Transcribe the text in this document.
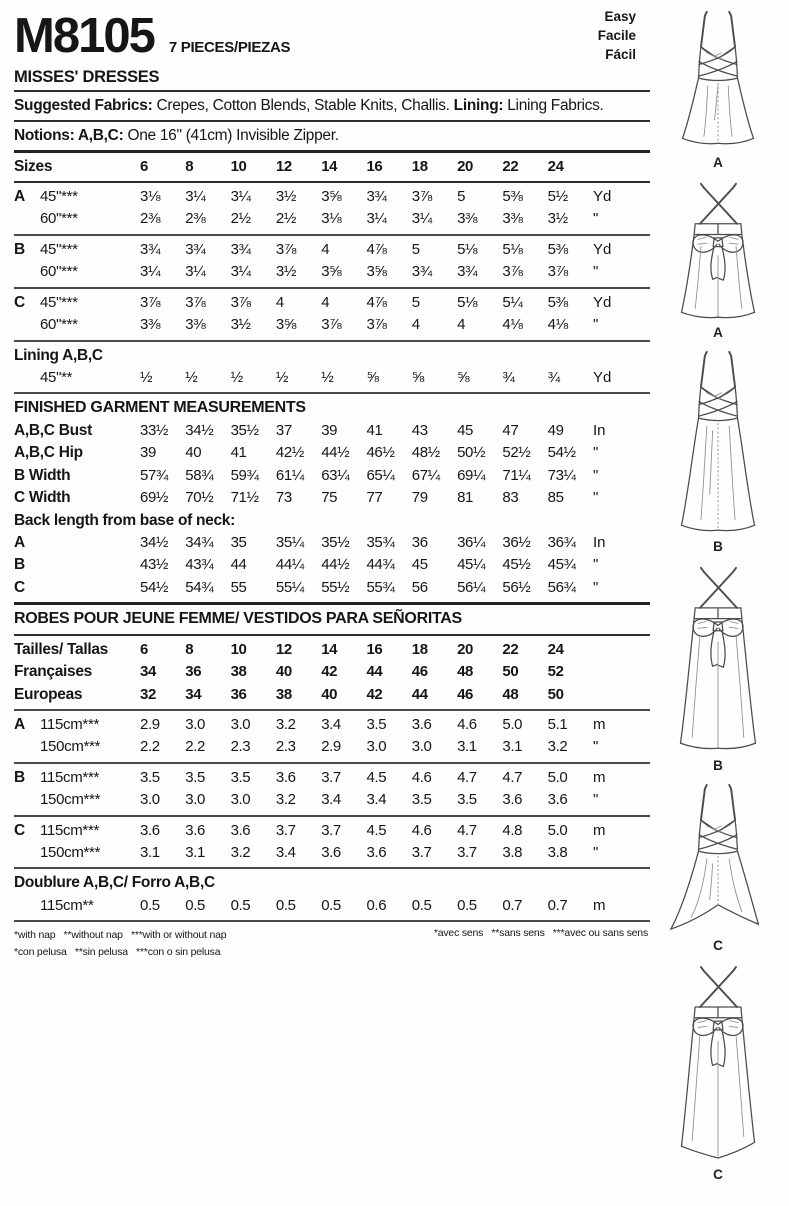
M8105 7 PIECES/PIEZAS
Easy
Facile
Fácil
MISSES' DRESSES
Suggested Fabrics: Crepes, Cotton Blends, Stable Knits, Challis. Lining: Lining Fabrics.
Notions: A,B,C: One 16" (41cm) Invisible Zipper.
Sizes	6	8	10	12	14	16	18	20	22	24
A 45"***	3⅛	3¼	3¼	3½	3⅝	3¾	3⅞	5	5⅜	5½	Yd
60"***	2⅜	2⅜	2½	2½	3⅛	3¼	3¼	3⅜	3⅜	3½	"
B 45"***	3¾	3¾	3¾	3⅞	4	4⅞	5	5⅛	5⅛	5⅜	Yd
60"***	3¼	3¼	3¼	3½	3⅝	3⅝	3¾	3¾	3⅞	3⅞	"
C 45"***	3⅞	3⅞	3⅞	4	4	4⅞	5	5⅛	5¼	5⅜	Yd
60"***	3⅜	3⅜	3½	3⅝	3⅞	3⅞	4	4	4⅛	4⅛	"
Lining A,B,C
45"**	½	½	½	½	½	⅝	⅝	⅝	¾	¾	Yd
FINISHED GARMENT MEASUREMENTS
A,B,C Bust	33½	34½	35½	37	39	41	43	45	47	49	In
A,B,C Hip	39	40	41	42½	44½	46½	48½	50½	52½	54½	"
B Width	57¾	58¾	59¾	61¼	63¼	65¼	67¼	69¼	71¼	73¼	"
C Width	69½	70½	71½	73	75	77	79	81	83	85	"
Back length from base of neck:
A	34½	34¾	35	35¼	35½	35¾	36	36¼	36½	36¾	In
B	43½	43¾	44	44¼	44½	44¾	45	45¼	45½	45¾	"
C	54½	54¾	55	55¼	55½	55¾	56	56¼	56½	56¾	"
ROBES POUR JEUNE FEMME/ VESTIDOS PARA SEÑORITAS
Tailles/ Tallas	6	8	10	12	14	16	18	20	22	24
Françaises	34	36	38	40	42	44	46	48	50	52
Europeas	32	34	36	38	40	42	44	46	48	50
A 115cm***	2.9	3.0	3.0	3.2	3.4	3.5	3.6	4.6	5.0	5.1	m
150cm***	2.2	2.2	2.3	2.3	2.9	3.0	3.0	3.1	3.1	3.2	"
B 115cm***	3.5	3.5	3.5	3.6	3.7	4.5	4.6	4.7	4.7	5.0	m
150cm***	3.0	3.0	3.0	3.2	3.4	3.4	3.5	3.5	3.6	3.6	"
C 115cm***	3.6	3.6	3.6	3.7	3.7	4.5	4.6	4.7	4.8	5.0	m
150cm***	3.1	3.1	3.2	3.4	3.6	3.6	3.7	3.7	3.8	3.8	"
Doublure A,B,C/ Forro A,B,C
115cm**	0.5	0.5	0.5	0.5	0.5	0.6	0.5	0.5	0.7	0.7	m
*with nap   **without nap   ***with or without nap
*con pelusa   **sin pelusa   ***con o sin pelusa
*avec sens   **sans sens   ***avec ou sans sens
A
A
B
B
C
C
